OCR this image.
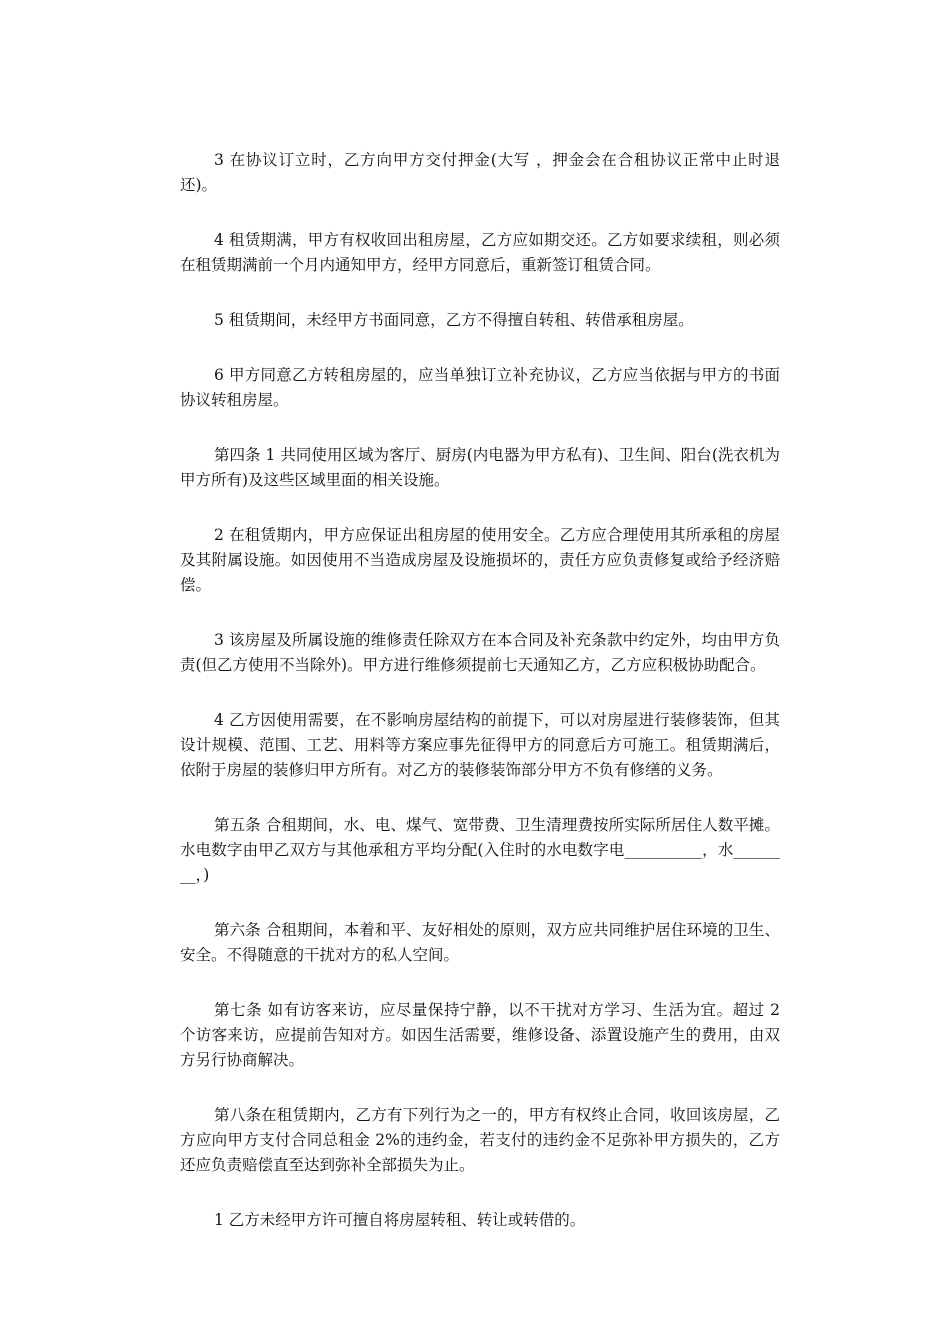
3 在协议订立时，乙方向甲方交付押金(大写 ，押金会在合租协议正常中止时退还)。

4 租赁期满，甲方有权收回出租房屋，乙方应如期交还。乙方如要求续租，则必须在租赁期满前一个月内通知甲方，经甲方同意后，重新签订租赁合同。

5 租赁期间，未经甲方书面同意，乙方不得擅自转租、转借承租房屋。

6 甲方同意乙方转租房屋的，应当单独订立补充协议，乙方应当依据与甲方的书面协议转租房屋。

第四条 1 共同使用区域为客厅、厨房(内电器为甲方私有)、卫生间、阳台(洗衣机为甲方所有)及这些区域里面的相关设施。

2 在租赁期内，甲方应保证出租房屋的使用安全。乙方应合理使用其所承租的房屋及其附属设施。如因使用不当造成房屋及设施损坏的，责任方应负责修复或给予经济赔偿。

3 该房屋及所属设施的维修责任除双方在本合同及补充条款中约定外，均由甲方负责(但乙方使用不当除外)。甲方进行维修须提前七天通知乙方，乙方应积极协助配合。

4 乙方因使用需要，在不影响房屋结构的前提下，可以对房屋进行装修装饰，但其设计规模、范围、工艺、用料等方案应事先征得甲方的同意后方可施工。租赁期满后，依附于房屋的装修归甲方所有。对乙方的装修装饰部分甲方不负有修缮的义务。

第五条 合租期间，水、电、煤气、宽带费、卫生清理费按所实际所居住人数平摊。 水电数字由甲乙双方与其他承租方平均分配(入住时的水电数字电__________，水________，)

第六条 合租期间，本着和平、友好相处的原则，双方应共同维护居住环境的卫生、安全。不得随意的干扰对方的私人空间。

第七条 如有访客来访，应尽量保持宁静，以不干扰对方学习、生活为宜。超过 2 个访客来访，应提前告知对方。如因生活需要，维修设备、添置设施产生的费用，由双方另行协商解决。

第八条在租赁期内，乙方有下列行为之一的，甲方有权终止合同，收回该房屋，乙方应向甲方支付合同总租金 2%的违约金，若支付的违约金不足弥补甲方损失的，乙方还应负责赔偿直至达到弥补全部损失为止。

1 乙方未经甲方许可擅自将房屋转租、转让或转借的。
